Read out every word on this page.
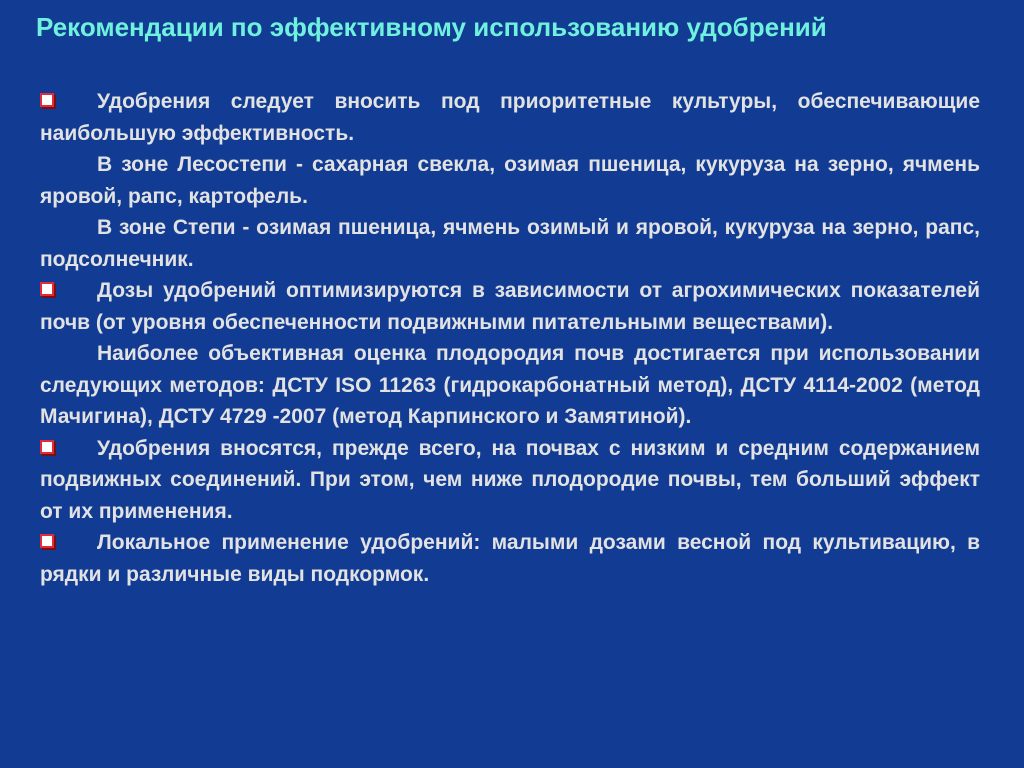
Рекомендации по эффективному использованию удобрений

Удобрения следует вносить под приоритетные культуры, обеспечивающие наибольшую эффективность.

В зоне Лесостепи - сахарная свекла, озимая пшеница, кукуруза на зерно, ячмень яровой, рапс, картофель.

В зоне Степи - озимая пшеница, ячмень озимый и яровой, кукуруза на зерно, рапс, подсолнечник.

Дозы удобрений оптимизируются в зависимости от агрохимических показателей почв (от уровня обеспеченности подвижными питательными веществами).

Наиболее объективная оценка плодородия почв достигается при использовании следующих методов: ДСТУ ISO 11263 (гидрокарбонатный метод), ДСТУ 4114-2002 (метод Мачигина), ДСТУ 4729 -2007 (метод Карпинского и Замятиной).

Удобрения вносятся, прежде всего, на почвах с низким и средним содержанием подвижных соединений. При этом, чем ниже плодородие почвы, тем больший эффект от их применения.

Локальное применение удобрений: малыми дозами весной под культивацию, в рядки и различные виды подкормок.
